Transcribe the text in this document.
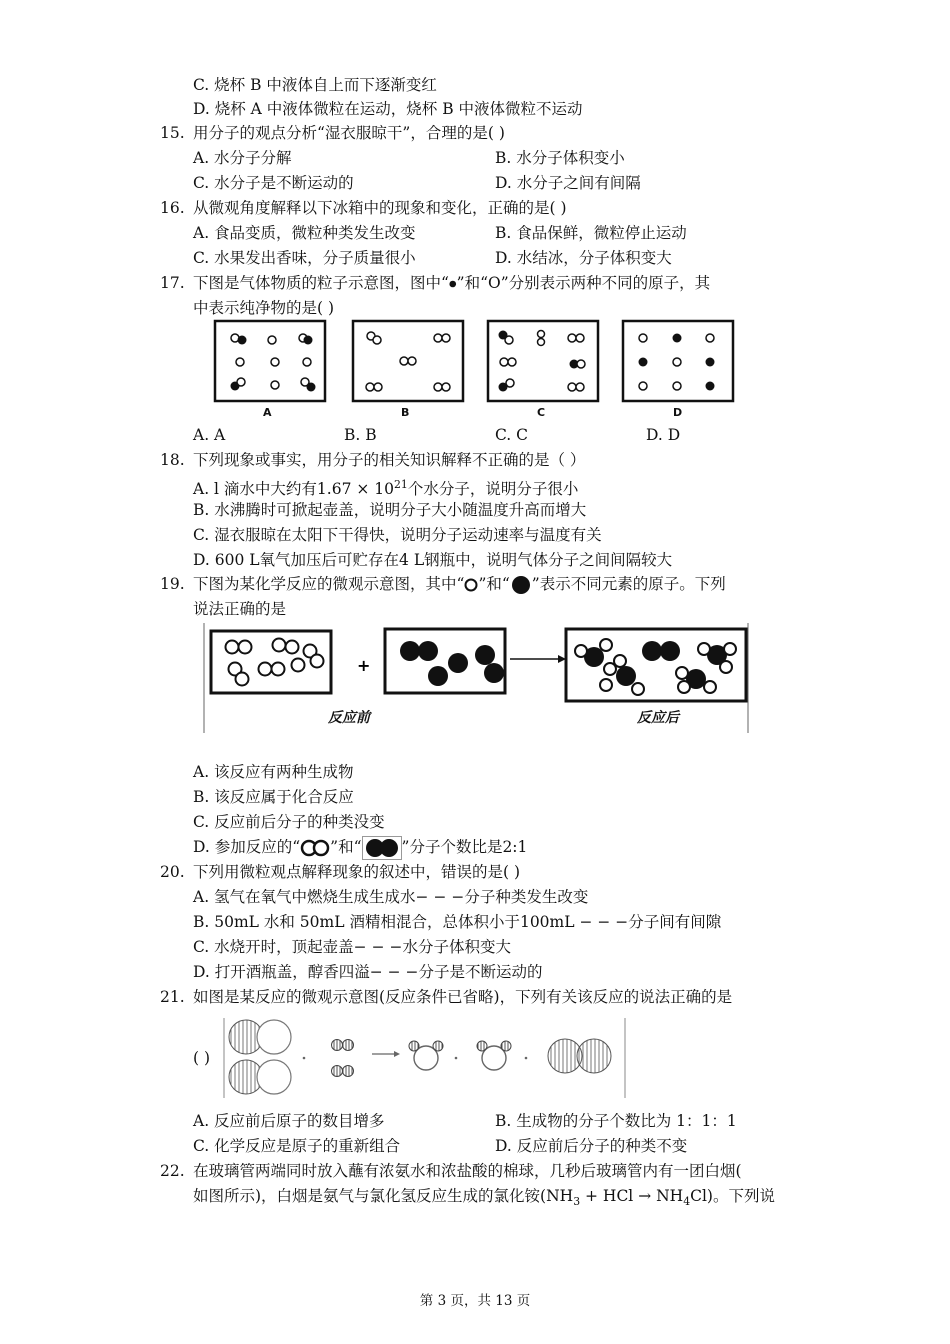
C. 烧杯 B 中液体自上而下逐渐变红
D. 烧杯 A 中液体微粒在运动，烧杯 B 中液体微粒不运动
15. 用分子的观点分析“湿衣服晾干”，合理的是( )
A. 水分子分解	B. 水分子体积变小
C. 水分子是不断运动的	D. 水分子之间有间隔
16. 从微观角度解释以下冰箱中的现象和变化，正确的是( )
A. 食品变质，微粒种类发生改变	B. 食品保鲜，微粒停止运动
C. 水果发出香味，分子质量很小	D. 水结冰，分子体积变大
17. 下图是气体物质的粒子示意图，图中“⦁”和“O”分别表示两种不同的原子，其
中表示纯净物的是( )
A	B	C	D
A. A	B. B	C. C	D. D
18. 下列现象或事实，用分子的相关知识解释不正确的是（ ）
A. l 滴水中大约有$1.67 \times 10^{21}$个水分子，说明分子很小
B. 水沸腾时可掀起壶盖，说明分子大小随温度升高而增大
C. 湿衣服晾在太阳下干得快，说明分子运动速率与温度有关
D. 600 L氧气加压后可贮存在4 L钢瓶中，说明气体分子之间间隔较大
19. 下图为某化学反应的微观示意图，其中“ ”和“ ”表示不同元素的原子。下列
说法正确的是
+
反应前	反应后
A. 该反应有两种生成物
B. 该反应属于化合反应
C. 反应前后分子的种类没变
D. 参加反应的“ ”和“	”分子个数比是2:1
20. 下列用微粒观点解释现象的叙述中，错误的是( )
A. 氢气在氧气中燃烧生成生成水− − −分子种类发生改变
B. 50mL 水和 50mL 酒精相混合，总体积小于100mL − − −分子间有间隙
C. 水烧开时，顶起壶盖− − −水分子体积变大
D. 打开酒瓶盖，醇香四溢− − −分子是不断运动的
21. 如图是某反应的微观示意图(反应条件已省略)，下列有关该反应的说法正确的是
( )
A. 反应前后原子的数目增多	B. 生成物的分子个数比为 1：1：1
C. 化学反应是原子的重新组合	D. 反应前后分子的种类不变
22. 在玻璃管两端同时放入蘸有浓氨水和浓盐酸的棉球，几秒后玻璃管内有一团白烟(
如图所示)，白烟是氨气与氯化氢反应生成的氯化铵($NH_3$ + HCl → $NH_4Cl$)。下列说
第 3 页，共 13 页
